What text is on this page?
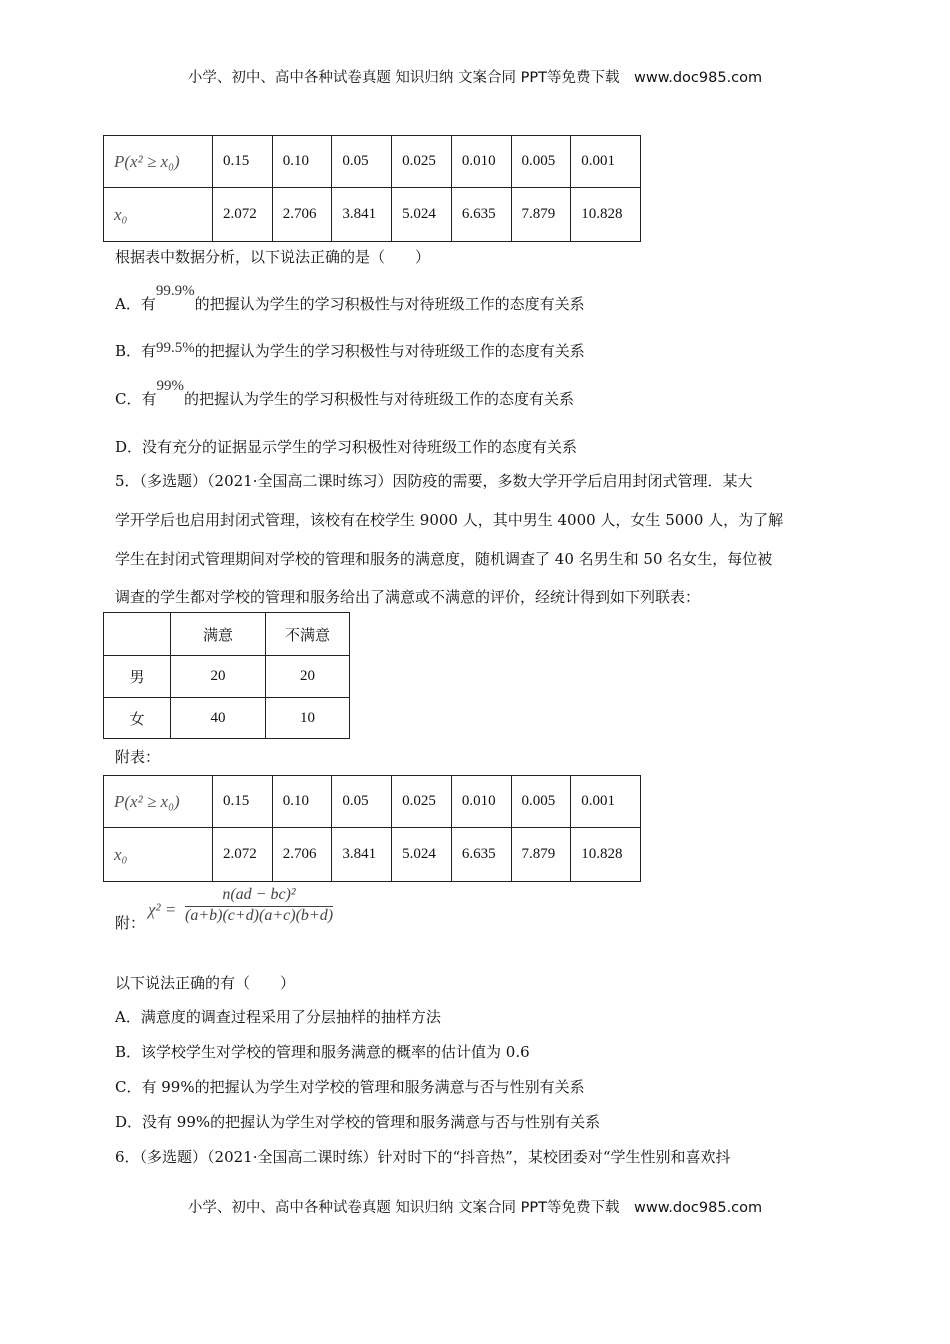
小学、初中、高中各种试卷真题 知识归纳 文案合同 PPT等免费下载　www.doc985.com
P(x² ≥ x₀)	0.15	0.10	0.05	0.025	0.010	0.005	0.001
x₀	2.072	2.706	3.841	5.024	6.635	7.879	10.828
根据表中数据分析，以下说法正确的是（　　）
A．有99.9%的把握认为学生的学习积极性与对待班级工作的态度有关系
B．有99.5%的把握认为学生的学习积极性与对待班级工作的态度有关系
C．有99%的把握认为学生的学习积极性与对待班级工作的态度有关系
D．没有充分的证据显示学生的学习积极性对待班级工作的态度有关系
5．（多选题）（2021·全国高二课时练习）因防疫的需要，多数大学开学后启用封闭式管理．某大
学开学后也启用封闭式管理，该校有在校学生 9000 人，其中男生 4000 人，女生 5000 人，为了解
学生在封闭式管理期间对学校的管理和服务的满意度，随机调查了 40 名男生和 50 名女生，每位被
调查的学生都对学校的管理和服务给出了满意或不满意的评价，经统计得到如下列联表：
	满意	不满意
男	20	20
女	40	10
附表：
P(x² ≥ x₀)	0.15	0.10	0.05	0.025	0.010	0.005	0.001
x₀	2.072	2.706	3.841	5.024	6.635	7.879	10.828
附：
$\chi^2 = \frac{\text{n(ad − bc)²}}{(a+b)(c+d)(a+c)(b+d)}$
以下说法正确的有（　　）
A．满意度的调查过程采用了分层抽样的抽样方法
B．该学校学生对学校的管理和服务满意的概率的估计值为 0.6
C．有 99%的把握认为学生对学校的管理和服务满意与否与性别有关系
D．没有 99%的把握认为学生对学校的管理和服务满意与否与性别有关系
6．（多选题）（2021·全国高二课时练）针对时下的“抖音热”，某校团委对“学生性别和喜欢抖
小学、初中、高中各种试卷真题 知识归纳 文案合同 PPT等免费下载　www.doc985.com
